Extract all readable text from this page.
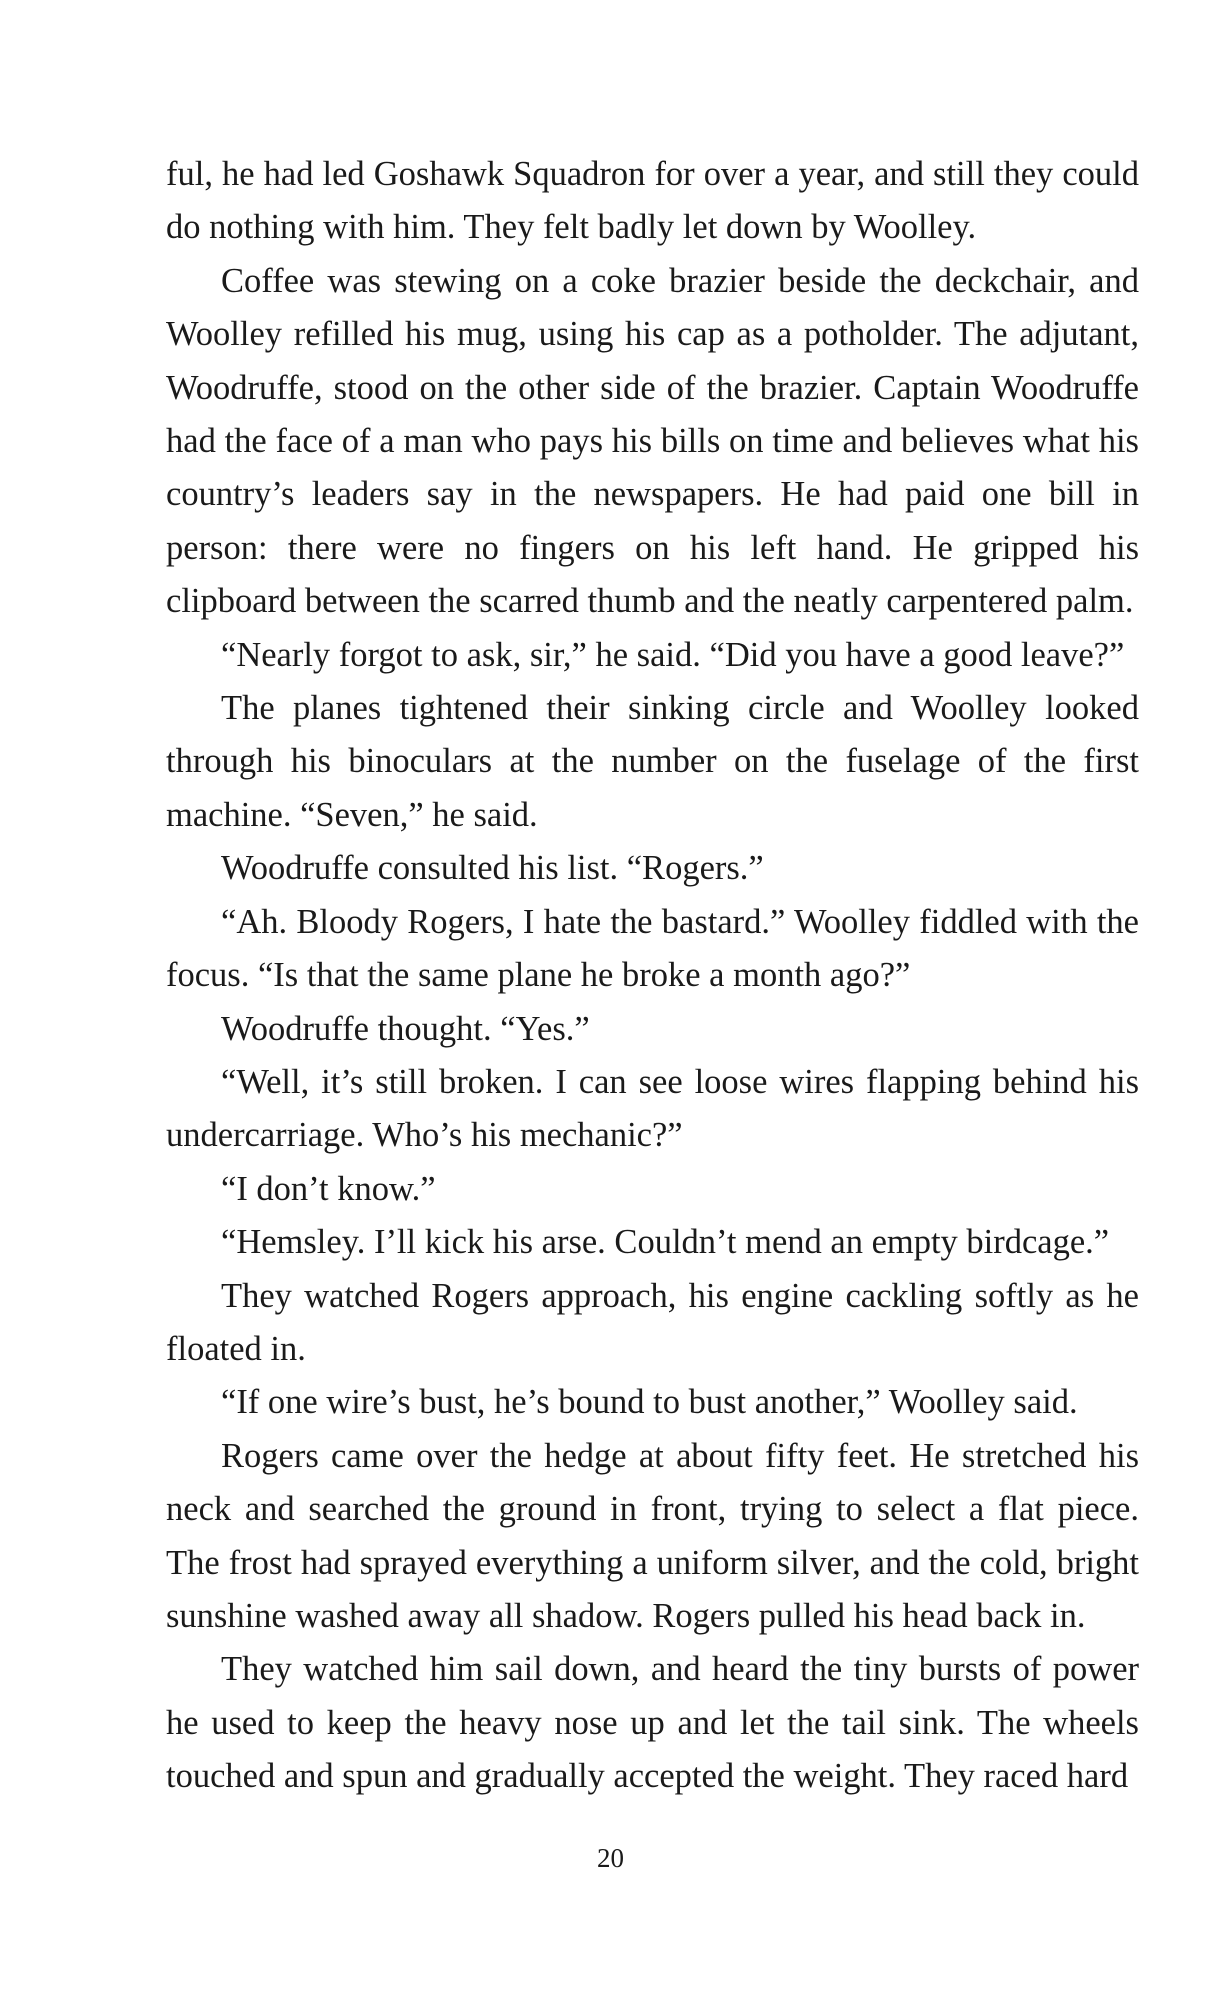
ful, he had led Goshawk Squadron for over a year, and still they could do nothing with him. They felt badly let down by Woolley.

Coffee was stewing on a coke brazier beside the deckchair, and Woolley refilled his mug, using his cap as a potholder. The adjutant, Woodruffe, stood on the other side of the brazier. Captain Woodruffe had the face of a man who pays his bills on time and believes what his country’s leaders say in the newspapers. He had paid one bill in person: there were no fingers on his left hand. He gripped his clipboard between the scarred thumb and the neatly carpentered palm.

“Nearly forgot to ask, sir,” he said. “Did you have a good leave?”

The planes tightened their sinking circle and Woolley looked through his binoculars at the number on the fuselage of the first machine. “Seven,” he said.

Woodruffe consulted his list. “Rogers.”

“Ah. Bloody Rogers, I hate the bastard.” Woolley fiddled with the focus. “Is that the same plane he broke a month ago?”

Woodruffe thought. “Yes.”

“Well, it’s still broken. I can see loose wires flapping behind his undercarriage. Who’s his mechanic?”

“I don’t know.”

“Hemsley. I’ll kick his arse. Couldn’t mend an empty birdcage.”

They watched Rogers approach, his engine cackling softly as he floated in.

“If one wire’s bust, he’s bound to bust another,” Woolley said.

Rogers came over the hedge at about fifty feet. He stretched his neck and searched the ground in front, trying to select a flat piece. The frost had sprayed everything a uniform silver, and the cold, bright sunshine washed away all shadow. Rogers pulled his head back in.

They watched him sail down, and heard the tiny bursts of power he used to keep the heavy nose up and let the tail sink. The wheels touched and spun and gradually accepted the weight. They raced hard

20
